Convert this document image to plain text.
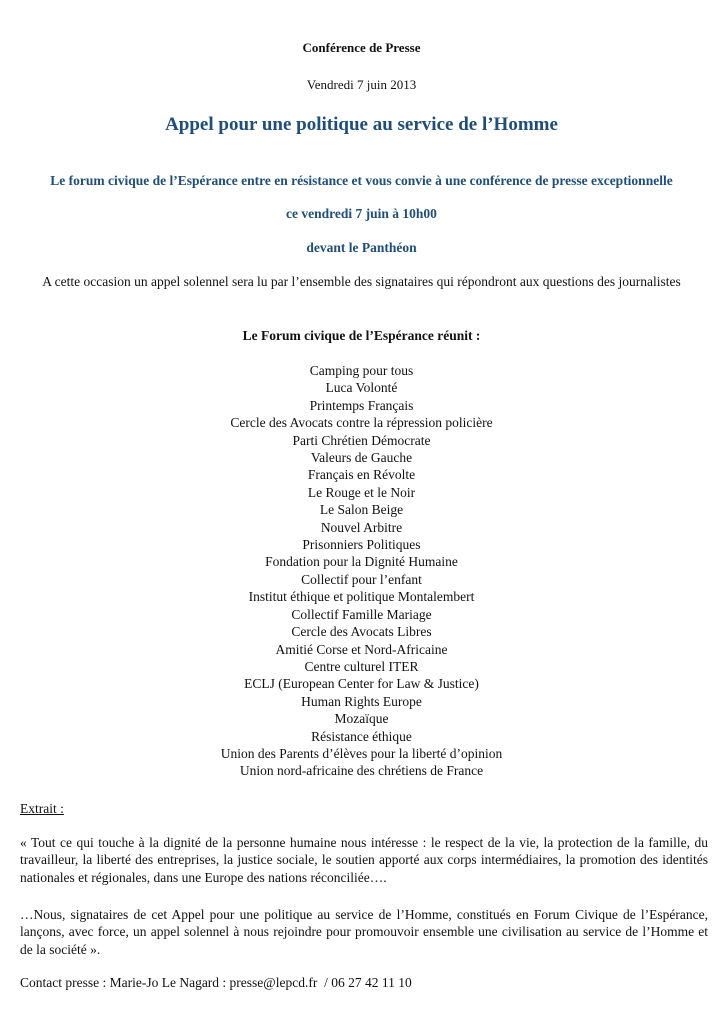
Conférence de Presse
Vendredi 7 juin 2013
Appel pour une politique au service de l’Homme
Le forum civique de l’Espérance entre en résistance et vous convie à une conférence de presse exceptionnelle
ce vendredi 7 juin à 10h00
devant le Panthéon
A cette occasion un appel solennel sera lu par l’ensemble des signataires qui répondront aux questions des journalistes
Le Forum civique de l’Espérance réunit :
Camping pour tous
Luca Volonté
Printemps Français
Cercle des Avocats contre la répression policière
Parti Chrétien Démocrate
Valeurs de Gauche
Français en Révolte
Le Rouge et le Noir
Le Salon Beige
Nouvel Arbitre
Prisonniers Politiques
Fondation pour la Dignité Humaine
Collectif pour l’enfant
Institut éthique et politique Montalembert
Collectif Famille Mariage
Cercle des Avocats Libres
Amitié Corse et Nord-Africaine
Centre culturel ITER
ECLJ (European Center for Law & Justice)
Human Rights Europe
Mozaïque
Résistance éthique
Union des Parents d’élèves pour la liberté d’opinion
Union nord-africaine des chrétiens de France
Extrait :
« Tout ce qui touche à la dignité de la personne humaine nous intéresse : le respect de la vie, la protection de la famille, du travailleur, la liberté des entreprises, la justice sociale, le soutien apporté aux corps intermédiaires, la promotion des identités nationales et régionales, dans une Europe des nations réconciliée….
…Nous, signataires de cet Appel pour une politique au service de l’Homme, constitués en Forum Civique de l’Espérance, lançons, avec force, un appel solennel à nous rejoindre pour promouvoir ensemble une civilisation au service de l’Homme et de la société ».
Contact presse : Marie-Jo Le Nagard : presse@lepcd.fr  / 06 27 42 11 10
